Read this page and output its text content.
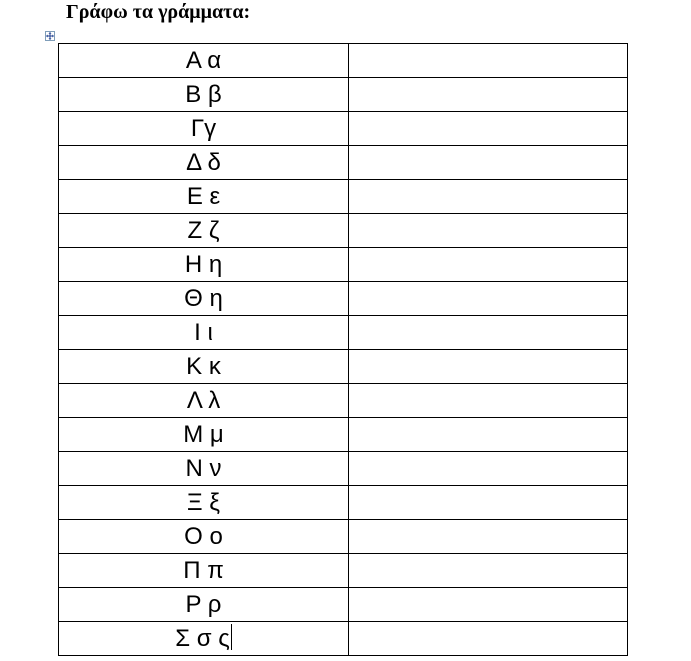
Γράφω τα γράμματα:
Α α	
Β β	
Γγ	
Δ δ	
Ε ε	
Ζ ζ	
Η η	
Θ η	
Ι ι	
Κ κ	
Λ λ	
Μ μ	
Ν ν	
Ξ ξ	
Ο ο	
Π π	
Ρ ρ	
Σ σ ς	
